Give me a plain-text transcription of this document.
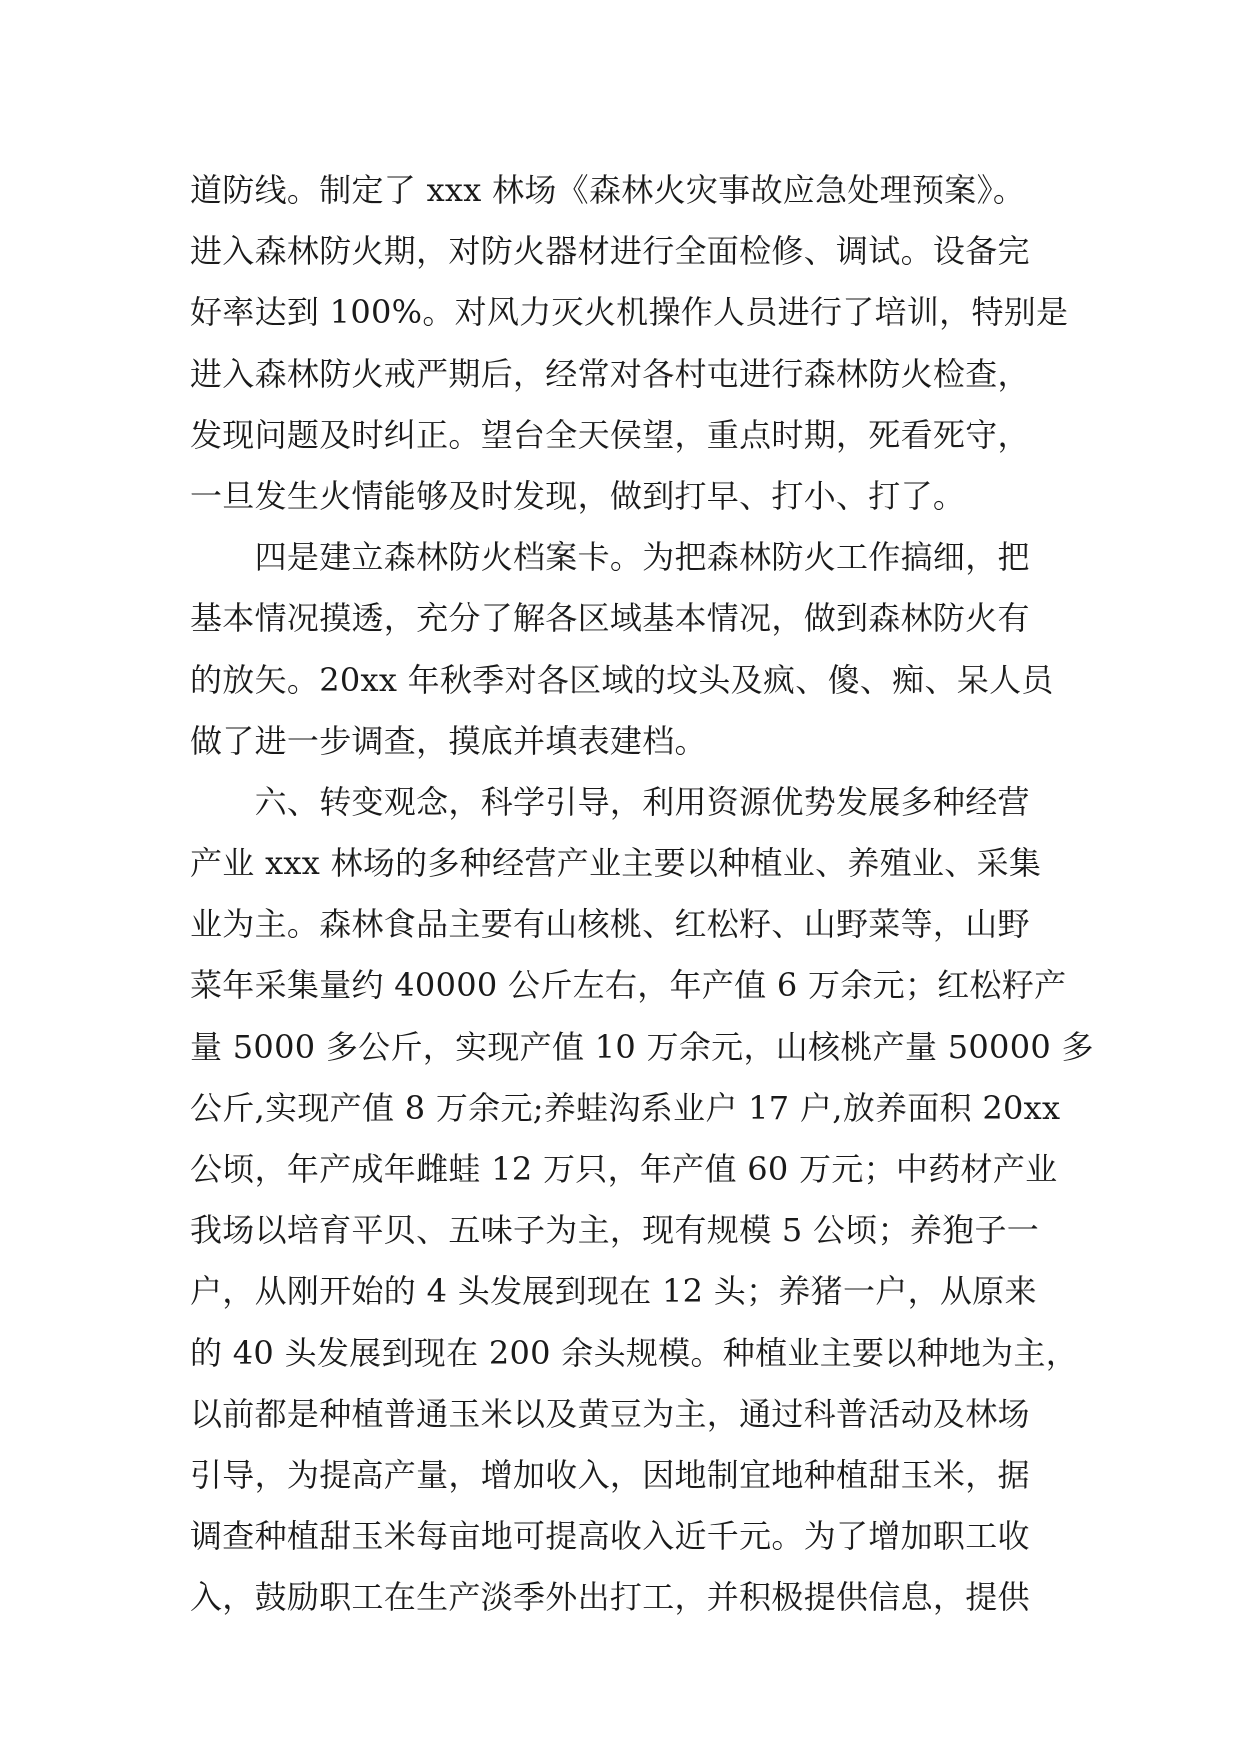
道防线。制定了 xxx 林场《森林火灾事故应急处理预案》。
进入森林防火期，对防火器材进行全面检修、调试。设备完
好率达到 100%。对风力灭火机操作人员进行了培训，特别是
进入森林防火戒严期后，经常对各村屯进行森林防火检查，
发现问题及时纠正。望台全天侯望，重点时期，死看死守，
一旦发生火情能够及时发现，做到打早、打小、打了。
　　四是建立森林防火档案卡。为把森林防火工作搞细，把
基本情况摸透，充分了解各区域基本情况，做到森林防火有
的放矢。20xx 年秋季对各区域的坟头及疯、傻、痴、呆人员
做了进一步调查，摸底并填表建档。
　　六、转变观念，科学引导，利用资源优势发展多种经营
产业 xxx 林场的多种经营产业主要以种植业、养殖业、采集
业为主。森林食品主要有山核桃、红松籽、山野菜等，山野
菜年采集量约 40000 公斤左右，年产值 6 万余元；红松籽产
量 5000 多公斤，实现产值 10 万余元，山核桃产量 50000 多
公斤,实现产值 8 万余元;养蛙沟系业户 17 户,放养面积 20xx
公顷，年产成年雌蛙 12 万只，年产值 60 万元；中药材产业
我场以培育平贝、五味子为主，现有规模 5 公顷；养狍子一
户，从刚开始的 4 头发展到现在 12 头；养猪一户，从原来
的 40 头发展到现在 200 余头规模。种植业主要以种地为主，
以前都是种植普通玉米以及黄豆为主，通过科普活动及林场
引导，为提高产量，增加收入，因地制宜地种植甜玉米，据
调查种植甜玉米每亩地可提高收入近千元。为了增加职工收
入，鼓励职工在生产淡季外出打工，并积极提供信息，提供
